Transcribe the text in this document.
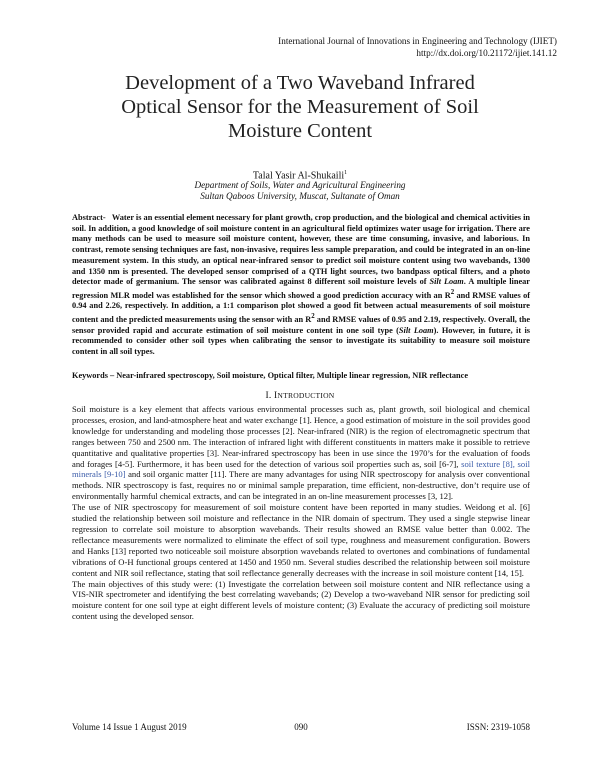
International Journal of Innovations in Engineering and Technology (IJIET)
http://dx.doi.org/10.21172/ijiet.141.12
Development of a Two Waveband Infrared
Optical Sensor for the Measurement of Soil
Moisture Content
Talal Yasir Al-Shukaili$^1$
Department of Soils, Water and Agricultural Engineering
Sultan Qaboos University, Muscat, Sultanate of Oman
Abstract- Water is an essential element necessary for plant growth, crop production, and the biological and chemical activities in soil. In addition, a good knowledge of soil moisture content in an agricultural field optimizes water usage for irrigation. There are many methods can be used to measure soil moisture content, however, these are time consuming, invasive, and laborious. In contrast, remote sensing techniques are fast, non-invasive, requires less sample preparation, and could be integrated in an on-line measurement system. In this study, an optical near-infrared sensor to predict soil moisture content using two wavebands, 1300 and 1350 nm is presented. The developed sensor comprised of a QTH light sources, two bandpass optical filters, and a photo detector made of germanium. The sensor was calibrated against 8 different soil moisture levels of Silt Loam. A multiple linear regression MLR model was established for the sensor which showed a good prediction accuracy with an $R^2$ and RMSE values of 0.94 and 2.26, respectively. In addition, a 1:1 comparison plot showed a good fit between actual measurements of soil moisture content and the predicted measurements using the sensor with an $R^2$ and RMSE values of 0.95 and 2.19, respectively. Overall, the sensor provided rapid and accurate estimation of soil moisture content in one soil type (Silt Loam). However, in future, it is recommended to consider other soil types when calibrating the sensor to investigate its suitability to measure soil moisture content in all soil types.
Keywords – Near-infrared spectroscopy, Soil moisture, Optical filter, Multiple linear regression, NIR reflectance
I. INTRODUCTION

Soil moisture is a key element that affects various environmental processes such as, plant growth, soil biological and chemical processes, erosion, and land-atmosphere heat and water exchange [1]. Hence, a good estimation of moisture in the soil provides good knowledge for understanding and modeling those processes [2]. Near-infrared (NIR) is the region of electromagnetic spectrum that ranges between 750 and 2500 nm. The interaction of infrared light with different constituents in matters make it possible to retrieve quantitative and qualitative properties [3]. Near-infrared spectroscopy has been in use since the 1970’s for the evaluation of foods and forages [4-5]. Furthermore, it has been used for the detection of various soil properties such as, soil [6-7], soil texture [8], soil minerals [9-10] and soil organic matter [11]. There are many advantages for using NIR spectroscopy for analysis over conventional methods. NIR spectroscopy is fast, requires no or minimal sample preparation, time efficient, non-destructive, don’t require use of environmentally harmful chemical extracts, and can be integrated in an on-line measurement processes [3, 12].

The use of NIR spectroscopy for measurement of soil moisture content have been reported in many studies. Weidong et al. [6] studied the relationship between soil moisture and reflectance in the NIR domain of spectrum. They used a single stepwise linear regression to correlate soil moisture to absorption wavebands. Their results showed an RMSE value better than 0.002. The reflectance measurements were normalized to eliminate the effect of soil type, roughness and measurement configuration. Bowers and Hanks [13] reported two noticeable soil moisture absorption wavebands related to overtones and combinations of fundamental vibrations of O-H functional groups centered at 1450 and 1950 nm. Several studies described the relationship between soil moisture content and NIR soil reflectance, stating that soil reflectance generally decreases with the increase in soil moisture content [14, 15].

The main objectives of this study were: (1) Investigate the correlation between soil moisture content and NIR reflectance using a VIS-NIR spectrometer and identifying the best correlating wavebands; (2) Develop a two-waveband NIR sensor for predicting soil moisture content for one soil type at eight different levels of moisture content; (3) Evaluate the accuracy of predicting soil moisture content using the developed sensor.

Volume 14 Issue 1 August 2019	090	ISSN: 2319-1058
